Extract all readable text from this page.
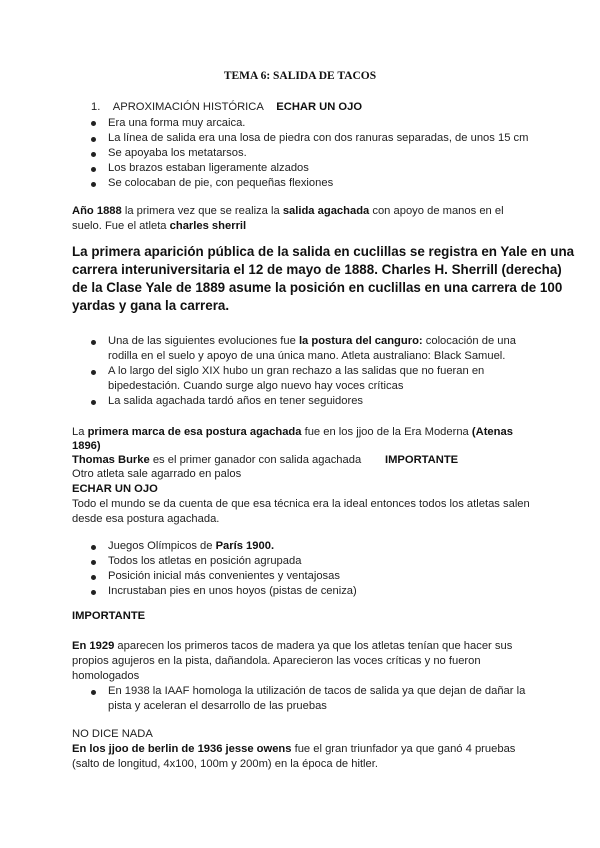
TEMA 6: SALIDA DE TACOS
1. APROXIMACIÓN HISTÓRICA ECHAR UN OJO
Era una forma muy arcaica.
La línea de salida era una losa de piedra con dos ranuras separadas, de unos 15 cm
Se apoyaba los metatarsos.
Los brazos estaban ligeramente alzados
Se colocaban de pie, con pequeñas flexiones
Año 1888 la primera vez que se realiza la salida agachada con apoyo de manos en el
suelo. Fue el atleta charles sherril
La primera aparición pública de la salida en cuclillas se registra en Yale en una
carrera interuniversitaria el 12 de mayo de 1888. Charles H. Sherrill (derecha)
de la Clase Yale de 1889 asume la posición en cuclillas en una carrera de 100
yardas y gana la carrera.
Una de las siguientes evoluciones fue la postura del canguro: colocación de una
rodilla en el suelo y apoyo de una única mano. Atleta australiano: Black Samuel.
A lo largo del siglo XIX hubo un gran rechazo a las salidas que no fueran en
bipedestación. Cuando surge algo nuevo hay voces críticas
La salida agachada tardó años en tener seguidores
La primera marca de esa postura agachada fue en los jjoo de la Era Moderna (Atenas
1896)
Thomas Burke es el primer ganador con salida agachada IMPORTANTE
Otro atleta sale agarrado en palos
ECHAR UN OJO
Todo el mundo se da cuenta de que esa técnica era la ideal entonces todos los atletas salen
desde esa postura agachada.
Juegos Olímpicos de París 1900.
Todos los atletas en posición agrupada
Posición inicial más convenientes y ventajosas
Incrustaban pies en unos hoyos (pistas de ceniza)
IMPORTANTE
En 1929 aparecen los primeros tacos de madera ya que los atletas tenían que hacer sus
propios agujeros en la pista, dañandola. Aparecieron las voces críticas y no fueron
homologados
En 1938 la IAAF homologa la utilización de tacos de salida ya que dejan de dañar la
pista y aceleran el desarrollo de las pruebas
NO DICE NADA
En los jjoo de berlin de 1936 jesse owens fue el gran triunfador ya que ganó 4 pruebas
(salto de longitud, 4x100, 100m y 200m) en la época de hitler.
